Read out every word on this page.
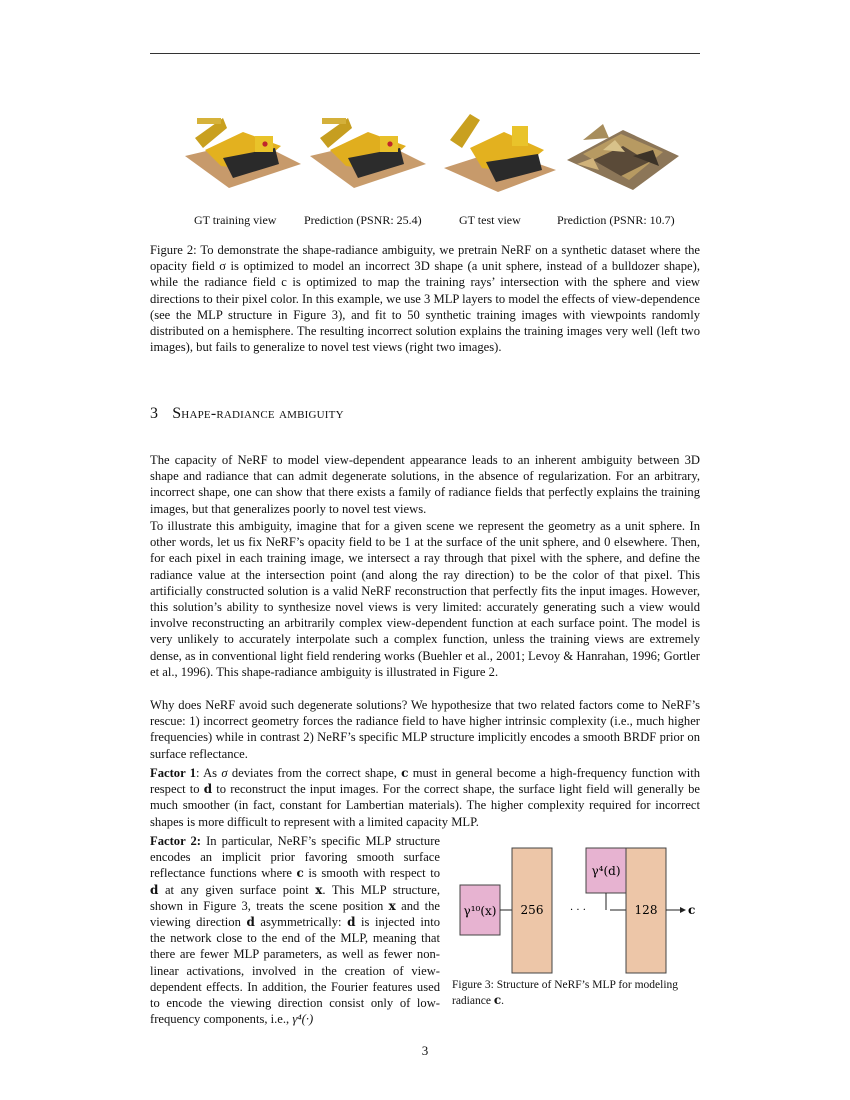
GT training view Prediction (PSNR: 25.4)	GT test view	Prediction (PSNR: 10.7)

Figure 2: To demonstrate the shape-radiance ambiguity, we pretrain NeRF on a synthetic dataset where the opacity field σ is optimized to model an incorrect 3D shape (a unit sphere, instead of a bulldozer shape), while the radiance field c is optimized to map the training rays’ intersection with the sphere and view directions to their pixel color. In this example, we use 3 MLP layers to model the effects of view-dependence (see the MLP structure in Figure 3), and fit to 50 synthetic training images with viewpoints randomly distributed on a hemisphere. The resulting incorrect solution explains the training images very well (left two images), but fails to generalize to novel test views (right two images).

3 Shape-radiance ambiguity

The capacity of NeRF to model view-dependent appearance leads to an inherent ambiguity between 3D shape and radiance that can admit degenerate solutions, in the absence of regularization. For an arbitrary, incorrect shape, one can show that there exists a family of radiance fields that perfectly explains the training images, but that generalizes poorly to novel test views.

To illustrate this ambiguity, imagine that for a given scene we represent the geometry as a unit sphere. In other words, let us fix NeRF’s opacity field to be 1 at the surface of the unit sphere, and 0 elsewhere. Then, for each pixel in each training image, we intersect a ray through that pixel with the sphere, and define the radiance value at the intersection point (and along the ray direction) to be the color of that pixel. This artificially constructed solution is a valid NeRF reconstruction that perfectly fits the input images. However, this solution’s ability to synthesize novel views is very limited: accurately generating such a view would involve reconstructing an arbitrarily complex view-dependent function at each surface point. The model is very unlikely to accurately interpolate such a complex function, unless the training views are extremely dense, as in conventional light field rendering works (Buehler et al., 2001; Levoy & Hanrahan, 1996; Gortler et al., 1996). This shape-radiance ambiguity is illustrated in Figure 2.

Why does NeRF avoid such degenerate solutions? We hypothesize that two related factors come to NeRF’s rescue: 1) incorrect geometry forces the radiance field to have higher intrinsic complexity (i.e., much higher frequencies) while in contrast 2) NeRF’s specific MLP structure implicitly encodes a smooth BRDF prior on surface reflectance.

Factor 1: As σ deviates from the correct shape, c must in general become a high-frequency function with respect to d to reconstruct the input images. For the correct shape, the surface light field will generally be much smoother (in fact, constant for Lambertian materials). The higher complexity required for incorrect shapes is more difficult to represent with a limited capacity MLP.

Factor 2: In particular, NeRF’s specific MLP structure encodes an implicit prior favoring smooth surface reflectance functions where c is smooth with respect to d at any given surface point x. This MLP structure, shown in Figure 3, treats the scene position x and the viewing direction d asymmetrically: d is injected into the network close to the end of the MLP, meaning that there are fewer MLP parameters, as well as fewer non-linear activations, involved in the creation of view-dependent effects. In addition, the Fourier features used to encode the viewing direction consist only of low-frequency components, i.e., γ⁴(·)

γ¹⁰(x) 256	· · ·
γ⁴(d)
128	c
Figure 3: Structure of NeRF’s MLP for modeling radiance c.
3
